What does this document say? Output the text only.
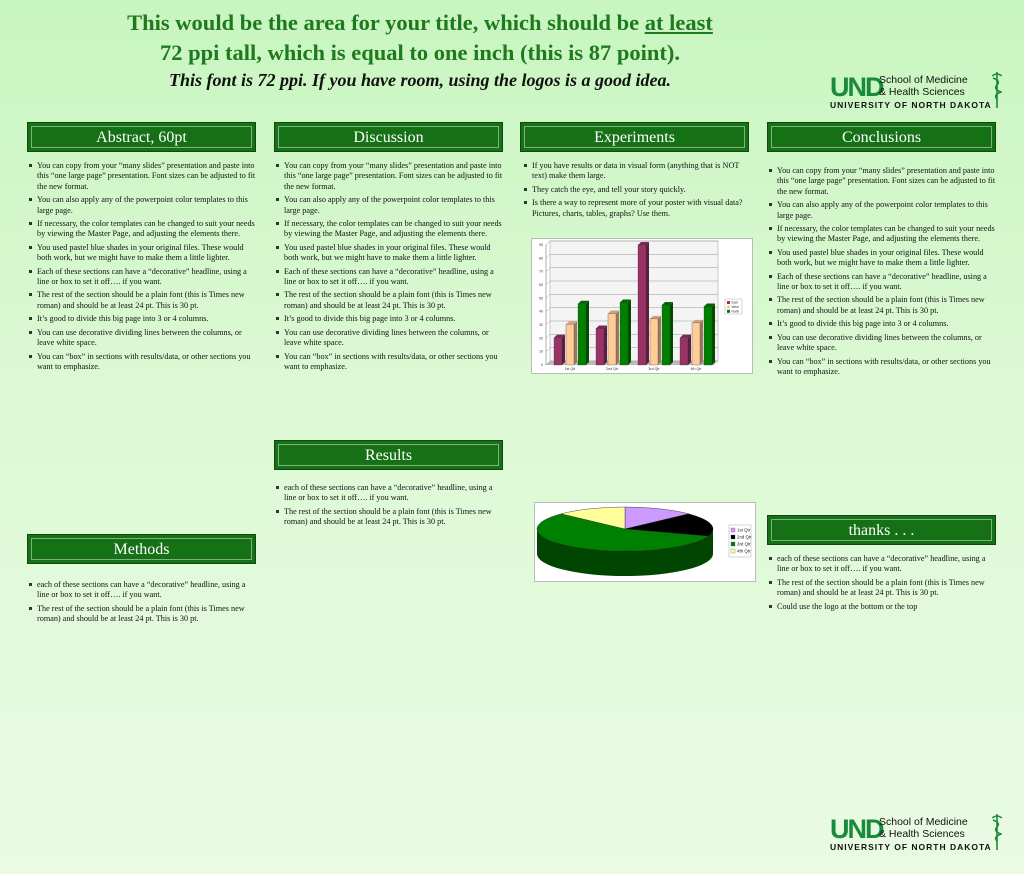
This would be the area for your title, which should be at least
72 ppi tall, which is equal to one inch (this is 87 point).
This font is 72 ppi. If you have room, using the logos is a good idea.	UND
School of Medicine
& Health Sciences
UNIVERSITY OF NORTH DAKOTA
UND
School of Medicine
& Health Sciences
UNIVERSITY OF NORTH DAKOTA
Abstract, 60pt	Discussion	Experiments	Conclusions
Results
Methods
thanks . . .
You can copy from your “many slides” presentation and paste into this “one large page” presentation. Font sizes can be adjusted to fit the new format.
You can also apply any of the powerpoint color templates to this large page.
If necessary, the color templates can be changed to suit your needs by viewing the Master Page, and adjusting the elements there.
You used pastel blue shades in your original files. These would both work, but we might have to make them a little lighter.
Each of these sections can have a “decorative” headline, using a line or box to set it off…. if you want.
The rest of the section should be a plain font (this is Times new roman) and should be at least 24 pt. This is 30 pt.
It’s good to divide this big page into 3 or 4 columns.
You can use decorative dividing lines between the columns, or leave white space.
You can “box” in sections with results/data, or other sections you want to emphasize.
You can copy from your “many slides” presentation and paste into this “one large page” presentation. Font sizes can be adjusted to fit the new format.
You can also apply any of the powerpoint color templates to this large page.
If necessary, the color templates can be changed to suit your needs by viewing the Master Page, and adjusting the elements there.
You used pastel blue shades in your original files. These would both work, but we might have to make them a little lighter.
Each of these sections can have a “decorative” headline, using a line or box to set it off…. if you want.
The rest of the section should be a plain font (this is Times new roman) and should be at least 24 pt. This is 30 pt.
It’s good to divide this big page into 3 or 4 columns.
You can use decorative dividing lines between the columns, or leave white space.
You can “box” in sections with results/data, or other sections you want to emphasize.
If you have results or data in visual form (anything that is NOT text) make them large.
They catch the eye, and tell your story quickly.
Is there a way to represent more of your poster with visual data? Pictures, charts, tables, graphs? Use them.
You can copy from your “many slides” presentation and paste into this “one large page” presentation. Font sizes can be adjusted to fit the new format.
You can also apply any of the powerpoint color templates to this large page.
If necessary, the color templates can be changed to suit your needs by viewing the Master Page, and adjusting the elements there.
You used pastel blue shades in your original files. These would both work, but we might have to make them a little lighter.
Each of these sections can have a “decorative” headline, using a line or box to set it off…. if you want.
The rest of the section should be a plain font (this is Times new roman) and should be at least 24 pt. This is 30 pt.
It’s good to divide this big page into 3 or 4 columns.
You can use decorative dividing lines between the columns, or leave white space.
You can “box” in sections with results/data, or other sections you want to emphasize.
each of these sections can have a “decorative” headline, using a line or box to set it off…. if you want.
The rest of the section should be a plain font (this is Times new roman) and should be at least 24 pt. This is 30 pt.
each of these sections can have a “decorative” headline, using a line or box to set it off…. if you want.
The rest of the section should be a plain font (this is Times new roman) and should be at least 24 pt. This is 30 pt.
each of these sections can have a “decorative” headline, using a line or box to set it off…. if you want.
The rest of the section should be a plain font (this is Times new roman) and should be at least 24 pt. This is 30 pt.
Could use the logo at the bottom or the top
0
10
20
30
40
50
60
70
80
90
1st Qtr	2nd Qtr	3rd Qtr	4th Qtr
East
West
North
1st Qtr
2nd Qtr
3rd Qtr
4th Qtr
